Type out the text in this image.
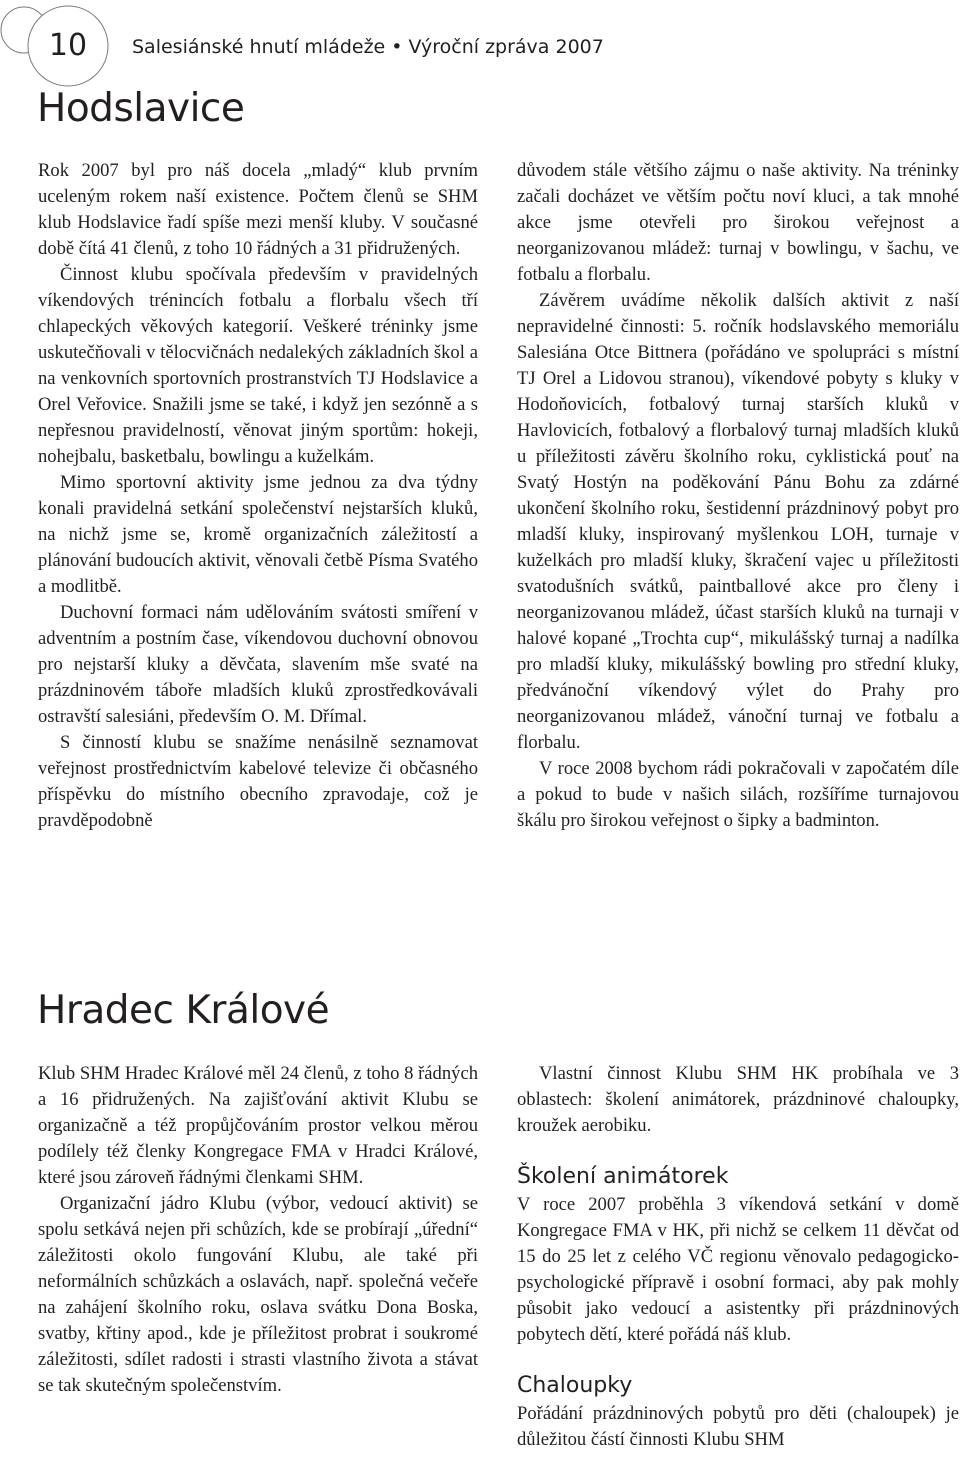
10	Salesiánské hnutí mládeže • Výroční zpráva 2007
Hodslavice

Rok 2007 byl pro náš docela „mladý“ klub prvním uceleným rokem naší existence. Počtem členů se SHM klub Hodslavice řadí spíše mezi menší kluby. V současné době čítá 41 členů, z toho 10 řádných a 31 přidružených.

Činnost klubu spočívala především v pravidelných víkendových trénincích fotbalu a florbalu všech tří chlapeckých věkových kategorií. Veškeré tréninky jsme uskutečňovali v tělocvičnách nedalekých základních škol a na venkovních sportovních prostranstvích TJ Hodslavice a Orel Veřovice. Snažili jsme se také, i když jen sezónně a s nepřesnou pravidelností, věnovat jiným sportům: hokeji, nohejbalu, basketbalu, bowlingu a kuželkám.

Mimo sportovní aktivity jsme jednou za dva týdny konali pravidelná setkání společenství nejstarších kluků, na nichž jsme se, kromě organizačních záležitostí a plánování budoucích aktivit, věnovali četbě Písma Svatého a modlitbě.

Duchovní formaci nám udělováním svátosti smíření v adventním a postním čase, víkendovou duchovní obnovou pro nejstarší kluky a děvčata, slavením mše svaté na prázdninovém táboře mladších kluků zprostředkovávali ostravští salesiáni, především O. M. Dřímal.

S činností klubu se snažíme nenásilně seznamovat veřejnost prostřednictvím kabelové televize či občasného příspěvku do místního obecního zpravodaje, což je pravděpodobně

důvodem stále většího zájmu o naše aktivity. Na tréninky začali docházet ve větším počtu noví kluci, a tak mnohé akce jsme otevřeli pro širokou veřejnost a neorganizovanou mládež: turnaj v bowlingu, v šachu, ve fotbalu a florbalu.

Závěrem uvádíme několik dalších aktivit z naší nepravidelné činnosti: 5. ročník hodslavského memoriálu Salesiána Otce Bittnera (pořádáno ve spolupráci s místní TJ Orel a Lidovou stranou), víkendové pobyty s kluky v Hodoňovicích, fotbalový turnaj starších kluků v Havlovicích, fotbalový a florbalový turnaj mladších kluků u příležitosti závěru školního roku, cyklistická pouť na Svatý Hostýn na poděkování Pánu Bohu za zdárné ukončení školního roku, šestidenní prázdninový pobyt pro mladší kluky, inspirovaný myšlenkou LOH, turnaje v kuželkách pro mladší kluky, škračení vajec u příležitosti svatodušních svátků, paintballové akce pro členy i neorganizovanou mládež, účast starších kluků na turnaji v halové kopané „Trochta cup“, mikulášský turnaj a nadílka pro mladší kluky, mikulášský bowling pro střední kluky, předvánoční víkendový výlet do Prahy pro neorganizovanou mládež, vánoční turnaj ve fotbalu a florbalu.

V roce 2008 bychom rádi pokračovali v započatém díle a pokud to bude v našich silách, rozšíříme turnajovou škálu pro širokou veřejnost o šipky a badminton.

Hradec Králové

Klub SHM Hradec Králové měl 24 členů, z toho 8 řádných a 16 přidružených. Na zajišťování aktivit Klubu se organizačně a též propůjčováním prostor velkou měrou podílely též členky Kongregace FMA v Hradci Králové, které jsou zároveň řádnými členkami SHM.

Organizační jádro Klubu (výbor, vedoucí aktivit) se spolu setkává nejen při schůzích, kde se probírají „úřední“ záležitosti okolo fungování Klubu, ale také při neformálních schůzkách a oslavách, např. společná večeře na zahájení školního roku, oslava svátku Dona Boska, svatby, křtiny apod., kde je příležitost probrat i soukromé záležitosti, sdílet radosti i strasti vlastního života a stávat se tak skutečným společenstvím.

Vlastní činnost Klubu SHM HK probíhala ve 3 oblastech: školení animátorek, prázdninové chaloupky, kroužek aerobiku.

Školení animátorek

V roce 2007 proběhla 3 víkendová setkání v domě Kongregace FMA v HK, při nichž se celkem 11 děvčat od 15 do 25 let z celého VČ regionu věnovalo pedagogicko-psychologické přípravě i osobní formaci, aby pak mohly působit jako vedoucí a asistentky při prázdninových pobytech dětí, které pořádá náš klub.

Chaloupky

Pořádání prázdninových pobytů pro děti (chaloupek) je důležitou částí činnosti Klubu SHM
